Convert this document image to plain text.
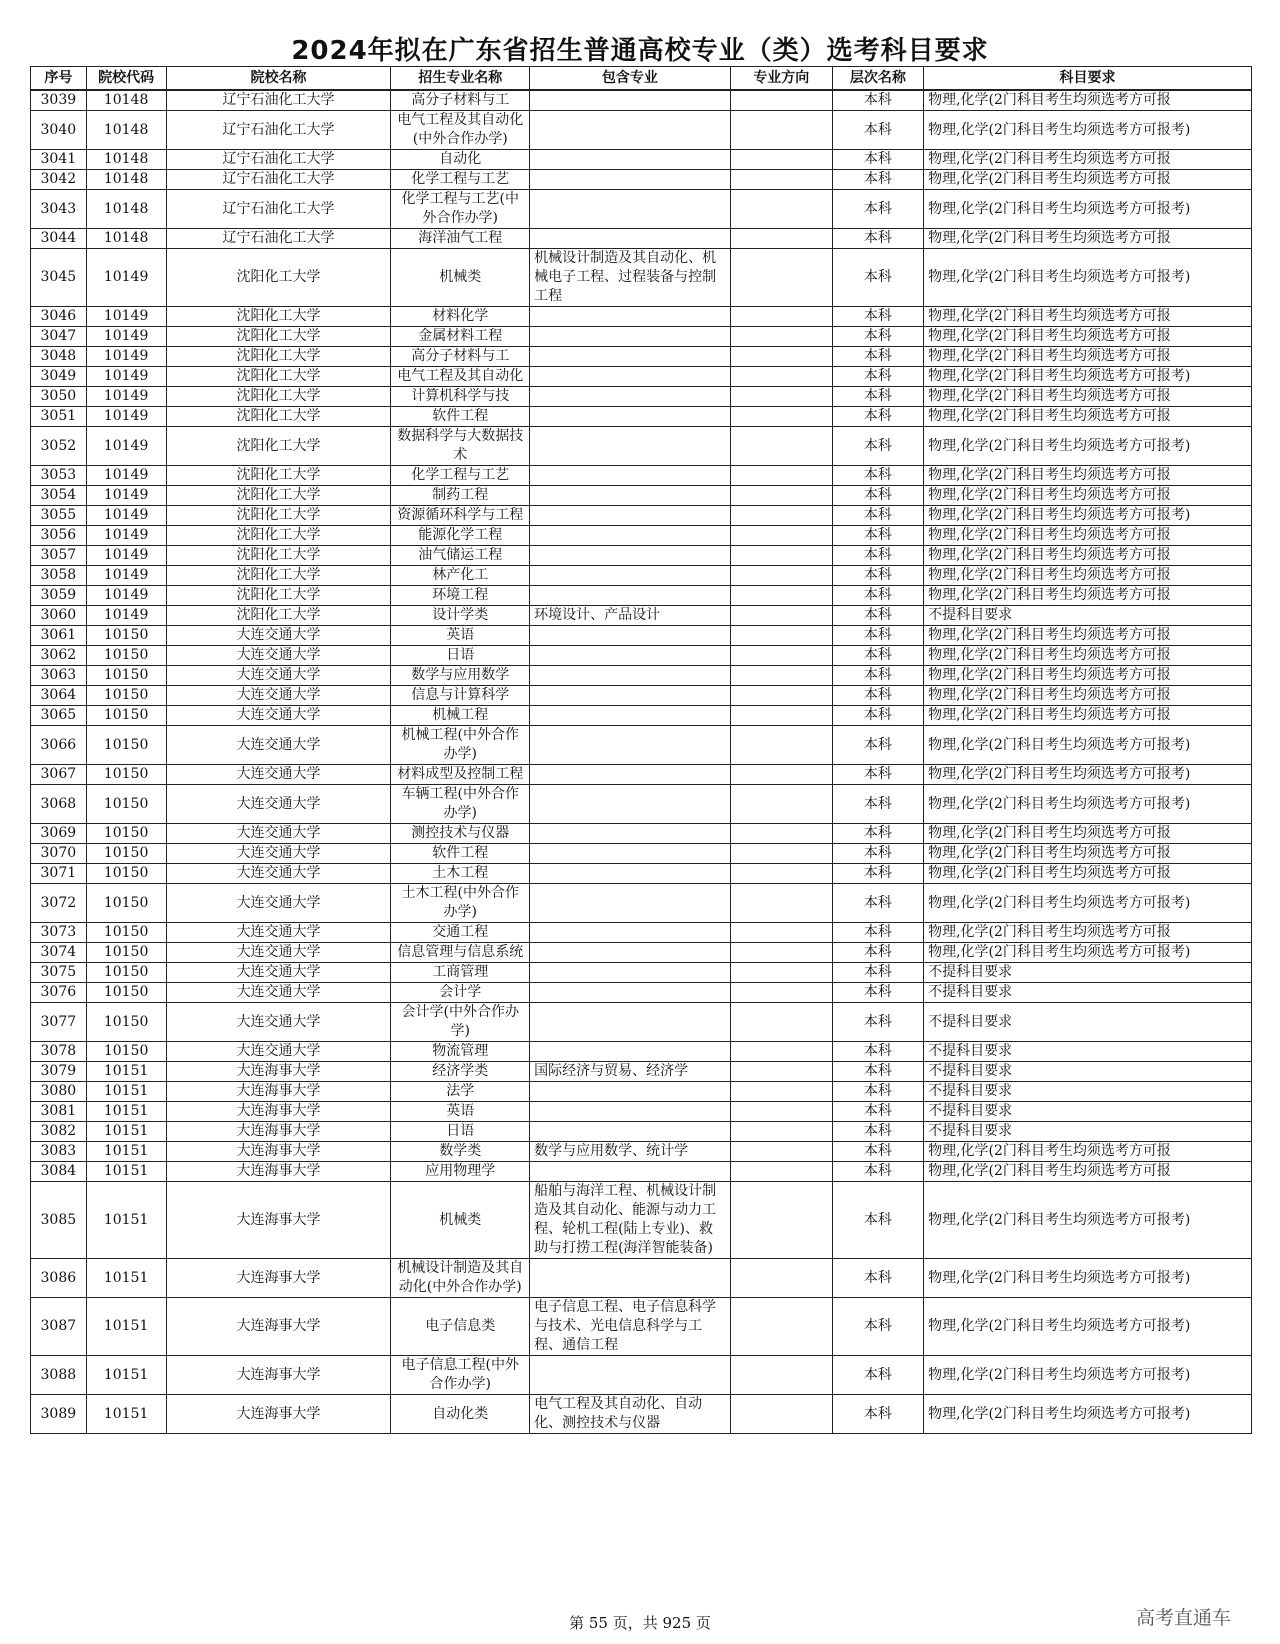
2024年拟在广东省招生普通高校专业（类）选考科目要求
序号	院校代码	院校名称	招生专业名称	包含专业	专业方向	层次名称	科目要求
3039	10148	辽宁石油化工大学	高分子材料与工			本科	物理,化学(2门科目考生均须选考方可报
3040	10148	辽宁石油化工大学	电气工程及其自动化(中外合作办学)			本科	物理,化学(2门科目考生均须选考方可报考)
3041	10148	辽宁石油化工大学	自动化			本科	物理,化学(2门科目考生均须选考方可报
3042	10148	辽宁石油化工大学	化学工程与工艺			本科	物理,化学(2门科目考生均须选考方可报
3043	10148	辽宁石油化工大学	化学工程与工艺(中外合作办学)			本科	物理,化学(2门科目考生均须选考方可报考)
3044	10148	辽宁石油化工大学	海洋油气工程			本科	物理,化学(2门科目考生均须选考方可报
3045	10149	沈阳化工大学	机械类	机械设计制造及其自动化、机械电子工程、过程装备与控制工程		本科	物理,化学(2门科目考生均须选考方可报考)
3046	10149	沈阳化工大学	材料化学			本科	物理,化学(2门科目考生均须选考方可报
3047	10149	沈阳化工大学	金属材料工程			本科	物理,化学(2门科目考生均须选考方可报
3048	10149	沈阳化工大学	高分子材料与工			本科	物理,化学(2门科目考生均须选考方可报
3049	10149	沈阳化工大学	电气工程及其自动化			本科	物理,化学(2门科目考生均须选考方可报考)
3050	10149	沈阳化工大学	计算机科学与技			本科	物理,化学(2门科目考生均须选考方可报
3051	10149	沈阳化工大学	软件工程			本科	物理,化学(2门科目考生均须选考方可报
3052	10149	沈阳化工大学	数据科学与大数据技术			本科	物理,化学(2门科目考生均须选考方可报考)
3053	10149	沈阳化工大学	化学工程与工艺			本科	物理,化学(2门科目考生均须选考方可报
3054	10149	沈阳化工大学	制药工程			本科	物理,化学(2门科目考生均须选考方可报
3055	10149	沈阳化工大学	资源循环科学与工程			本科	物理,化学(2门科目考生均须选考方可报考)
3056	10149	沈阳化工大学	能源化学工程			本科	物理,化学(2门科目考生均须选考方可报
3057	10149	沈阳化工大学	油气储运工程			本科	物理,化学(2门科目考生均须选考方可报
3058	10149	沈阳化工大学	林产化工			本科	物理,化学(2门科目考生均须选考方可报
3059	10149	沈阳化工大学	环境工程			本科	物理,化学(2门科目考生均须选考方可报
3060	10149	沈阳化工大学	设计学类	环境设计、产品设计		本科	不提科目要求
3061	10150	大连交通大学	英语			本科	物理,化学(2门科目考生均须选考方可报
3062	10150	大连交通大学	日语			本科	物理,化学(2门科目考生均须选考方可报
3063	10150	大连交通大学	数学与应用数学			本科	物理,化学(2门科目考生均须选考方可报
3064	10150	大连交通大学	信息与计算科学			本科	物理,化学(2门科目考生均须选考方可报
3065	10150	大连交通大学	机械工程			本科	物理,化学(2门科目考生均须选考方可报
3066	10150	大连交通大学	机械工程(中外合作办学)			本科	物理,化学(2门科目考生均须选考方可报考)
3067	10150	大连交通大学	材料成型及控制工程			本科	物理,化学(2门科目考生均须选考方可报考)
3068	10150	大连交通大学	车辆工程(中外合作办学)			本科	物理,化学(2门科目考生均须选考方可报考)
3069	10150	大连交通大学	测控技术与仪器			本科	物理,化学(2门科目考生均须选考方可报
3070	10150	大连交通大学	软件工程			本科	物理,化学(2门科目考生均须选考方可报
3071	10150	大连交通大学	土木工程			本科	物理,化学(2门科目考生均须选考方可报
3072	10150	大连交通大学	土木工程(中外合作办学)			本科	物理,化学(2门科目考生均须选考方可报考)
3073	10150	大连交通大学	交通工程			本科	物理,化学(2门科目考生均须选考方可报
3074	10150	大连交通大学	信息管理与信息系统			本科	物理,化学(2门科目考生均须选考方可报考)
3075	10150	大连交通大学	工商管理			本科	不提科目要求
3076	10150	大连交通大学	会计学			本科	不提科目要求
3077	10150	大连交通大学	会计学(中外合作办学)			本科	不提科目要求
3078	10150	大连交通大学	物流管理			本科	不提科目要求
3079	10151	大连海事大学	经济学类	国际经济与贸易、经济学		本科	不提科目要求
3080	10151	大连海事大学	法学			本科	不提科目要求
3081	10151	大连海事大学	英语			本科	不提科目要求
3082	10151	大连海事大学	日语			本科	不提科目要求
3083	10151	大连海事大学	数学类	数学与应用数学、统计学		本科	物理,化学(2门科目考生均须选考方可报
3084	10151	大连海事大学	应用物理学			本科	物理,化学(2门科目考生均须选考方可报
3085	10151	大连海事大学	机械类	船舶与海洋工程、机械设计制造及其自动化、能源与动力工程、轮机工程(陆上专业)、救助与打捞工程(海洋智能装备)		本科	物理,化学(2门科目考生均须选考方可报考)
3086	10151	大连海事大学	机械设计制造及其自动化(中外合作办学)			本科	物理,化学(2门科目考生均须选考方可报考)
3087	10151	大连海事大学	电子信息类	电子信息工程、电子信息科学与技术、光电信息科学与工程、通信工程		本科	物理,化学(2门科目考生均须选考方可报考)
3088	10151	大连海事大学	电子信息工程(中外合作办学)			本科	物理,化学(2门科目考生均须选考方可报考)
3089	10151	大连海事大学	自动化类	电气工程及其自动化、自动化、测控技术与仪器		本科	物理,化学(2门科目考生均须选考方可报考)
第 55 页，共 925 页	高考直通车
